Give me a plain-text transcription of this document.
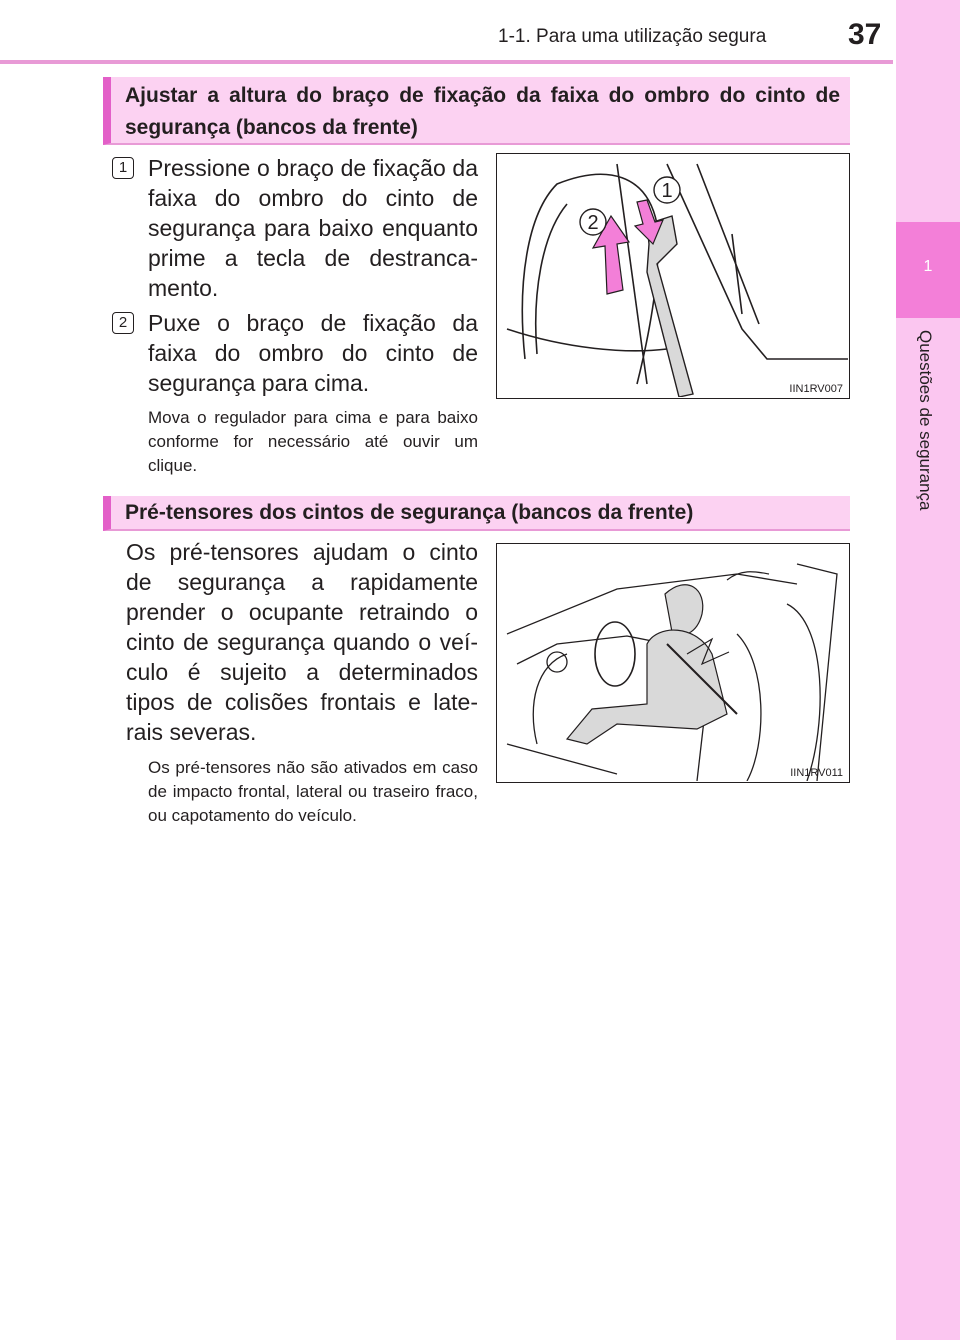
1-1. Para uma utilização segura	37
1
Questões de segurança
Ajustar a altura do braço de fixação da faixa do ombro do cinto de segurança (bancos da frente)
1 Pressione o braço de fixação da faixa do ombro do cinto de segurança para baixo enquanto prime a tecla de destranca-mento.
2 Puxe o braço de fixação da faixa do ombro do cinto de segurança para cima.
Mova o regulador para cima e para baixo conforme for necessário até ouvir um clique.
1
2
IIN1RV007
Pré-tensores dos cintos de segurança (bancos da frente)
Os pré-tensores ajudam o cinto de segurança a rapidamente prender o ocupante retraindo o cinto de segurança quando o veí-culo é sujeito a determinados tipos de colisões frontais e late-rais severas.
Os pré-tensores não são ativados em caso de impacto frontal, lateral ou traseiro fraco, ou capotamento do veículo.
IIN1RV011
